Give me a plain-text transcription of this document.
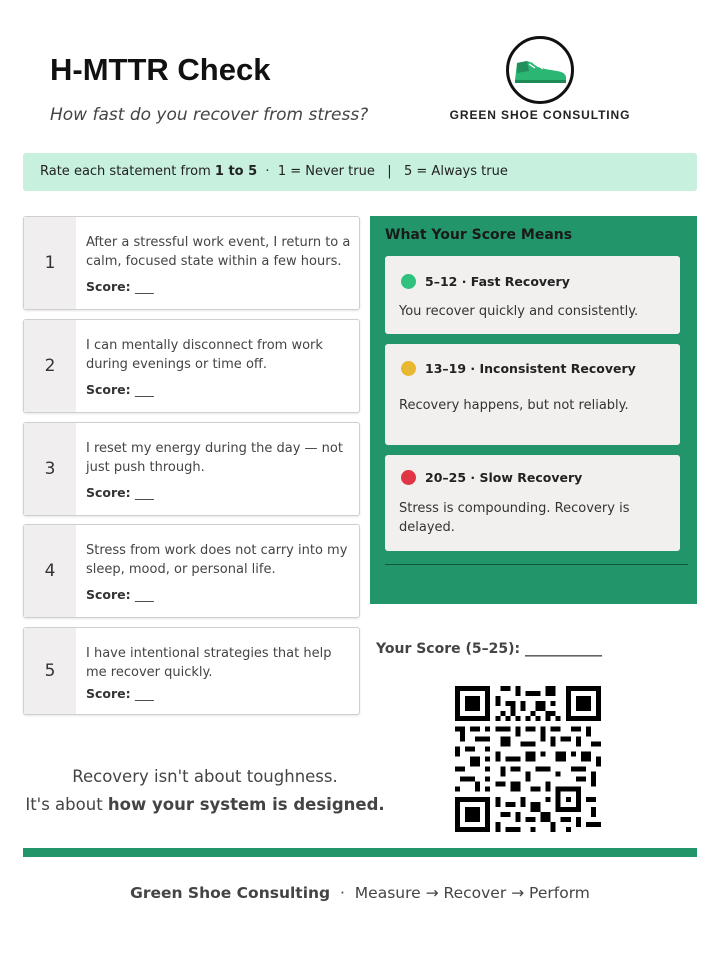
H-MTTR Check
How fast do you recover from stress?	GREEN SHOE CONSULTING
Rate each statement from 1 to 5  ·  1 = Never true   |   5 = Always true
1
After a stressful work event, I return to a calm, focused state within a few hours.
Score: ___
2
I can mentally disconnect from work during evenings or time off.
Score: ___
3
I reset my energy during the day — not just push through.
Score: ___
4
Stress from work does not carry into my sleep, mood, or personal life.
Score: ___
5
I have intentional strategies that help me recover quickly.
Score: ___
What Your Score Means
5–12 · Fast Recovery
You recover quickly and consistently.
13–19 · Inconsistent Recovery
Recovery happens, but not reliably.
20–25 · Slow Recovery
Stress is compounding. Recovery is delayed.
Your Score (5–25): ___________
Recovery isn't about toughness.
It's about how your system is designed.
Green Shoe Consulting  ·  Measure → Recover → Perform
